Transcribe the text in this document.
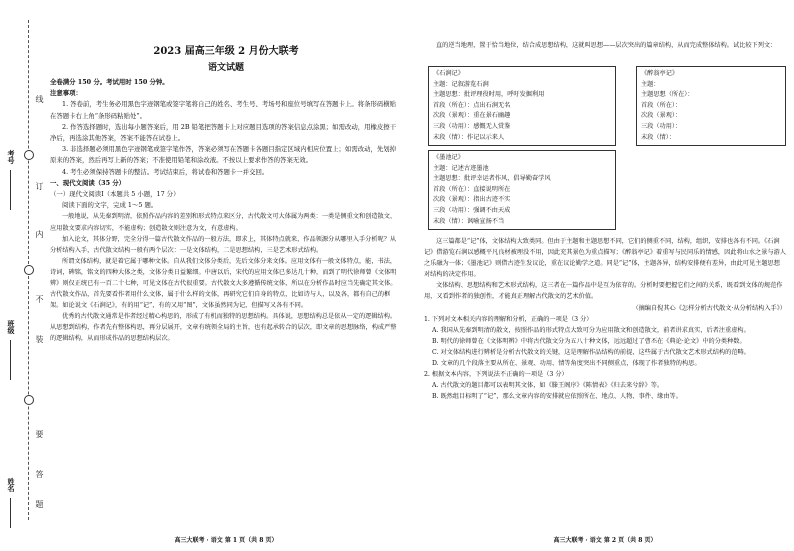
考号
班级
姓名
线
订
内
不
装
要
答
题
2023 届高三年级 2 月份大联考
语文试题
全卷满分 150 分。考试用时 150 分钟。
注意事项：
1. 答卷前，考生务必用黑色字迹钢笔或签字笔将自己的姓名、考生号、考场号和座位号填写在答题卡上。将条形码横贴在答题卡右上角“条形码粘贴处”。
2. 作答选择题时，选出每小题答案后，用 2B 铅笔把答题卡上对应题目选项的答案信息点涂黑；如需改动，用橡皮擦干净后，再选涂其他答案，答案不能答在试卷上。
3. 非选择题必须用黑色字迹钢笔或签字笔作答，答案必须写在答题卡各题目指定区域内相应位置上；如需改动，先划掉原来的答案，然后再写上新的答案；不准使用铅笔和涂改液。不按以上要求作答的答案无效。
4. 考生必须保持答题卡的整洁。考试结束后，将试卷和答题卡一并交回。
一、现代文阅读（35 分）
（一）现代文阅读Ⅰ（本题共 5 小题，17 分）
阅读下面的文字，完成 1～5 题。
一般地说，从先秦到明清，依照作品内容的差别和形式特点来区分，古代散文可大体属为两类：一类是侧重文和创造散文、应用散文要求内容切实，不能虚构；创造散文则注意为文，有意虚构。
加入论文，其体分野，完全分得一篇古代散文作品的一般方法，即求上，其体特点就来，作品领源分从哪里入手分析呢？从分析结构入手，古代散文结构一般有两个层次：一是文体结构，二是思想结构，三是艺术形式结构。
所谓文体结构，就是着它属于哪种文体。自从我们文体分类后，先后文体分来文体。应用文体有一般文体特点，能，书法，诗词，碑铭，铭文的四种大体之类，文体分类日益繁细。中唐以后，宋代的应用文体已多达几十种，而到了明代徐师曾《文体明辨》则仅正统已有一百二十七种，可见文体在古代很重要。古代散文大多遵循传统文体，所以在分析作品时应当先确定其文体。古代散文作品，首先要看作者用什么文体，属于什么样的文体，再研究它们自身的特点，比如诗与人，以及各，都有自己的框架。如论说文《石涧记》，有的用“记”，有的又用“图”，文体虽然同为记，但描写又各有不同。
优秀的古代散文通常是作者经过精心构思的，形成了有机而独特的思想结构。具体说，思想结构总是依从一定的逻辑结构。从思想到结构，作者先有整体构思，再分层展开，文章有统领全局的主旨，也有起承转合的层次，即文章的思想脉络，构成严整的逻辑结构，从而形成作品的思想结构层次。
高三大联考 · 语文 第 1 页（共 8 页）
直的逆当地理，置于恰当地位，结合成思想结构，这就叫思想——层次突出的篇章结构，从而完成整体结构。试比较下列文：
《石涧记》
主题：记叙游览石涧
主题思想：批评理役时用，呼吁发掘利用
首段（所在）：点出石涧无名
次段（景观）：重在景石幽趣
三段（功用）：感慨无人赏鉴
末段（情）：作记以示来人
《醉翁亭记》
主题：
主题思想（所在）：
首段（所在）：
次段（景观）：
三段（功用）：
末段（情）：
《墨池记》
主题：记述古迹墨池
主题思想：批评幸运者作风，倡导勤奋学风
首段（所在）：直接说明所在
次段（景观）：指出古迹不实
三段（功用）：强调不由天成
末段（情）：讽喻宣扬不当
这三篇都是“记”体，文体结构大致类同。但由于主题和主题思想不同，它们的侧重不同，结构，组织，安排也各有不同。《石涧记》借游览石涧以感概平凡良材被埋没不用，因此充其景色为重点描写；《醉翁亭记》着重写与民同乐的情感，因此将山水之景与游人之乐融为一体；《墨池记》则借古迹生发议论，重在议论勤学之道。同是“记”体，主题各异，结构安排便有差异，由此可见主题思想对结构的决定作用。
文体结构、思想结构和艺术形式结构，这三者在一篇作品中是互为依存的。分析时要把握它们之间的关系，既看到文体的规范作用，又看到作者的独创性，才能真正理解古代散文的艺术价值。
（摘编自倪其心《怎样分析古代散文·从分析结构入手》）
1. 下列对文本相关内容的理解和分析，正确的一项是（3 分）
A. 我国从先秦到明清的散文，按照作品的形式特点大致可分为应用散文和创造散文，前者讲求真实，后者注重虚构。
B. 明代的徐师曾在《文体明辨》中将古代散文分为五八十种文体，远远超过了曹丕在《典论·论文》中的分类种数。
C. 对文体结构进行辨析是分析古代散文的关键，这是理解作品结构的前提，这些属于古代散文艺术形式结构的范畴。
D. 文章的几个段落主要从所在、景观、功用、情等角度突出不同侧重点，体现了作者独特的构思。
2. 根据文本内容，下列说法不正确的一项是（3 分）
A. 古代散文的题目都可以表明其文体，如《滕王阁序》《陈情表》《归去来兮辞》等。
B. 既然组目标明了“记”，那么文章内容的安排就应依照所在、地点、人物、事件、缘由等。
高三大联考 · 语文 第 2 页（共 8 页）
